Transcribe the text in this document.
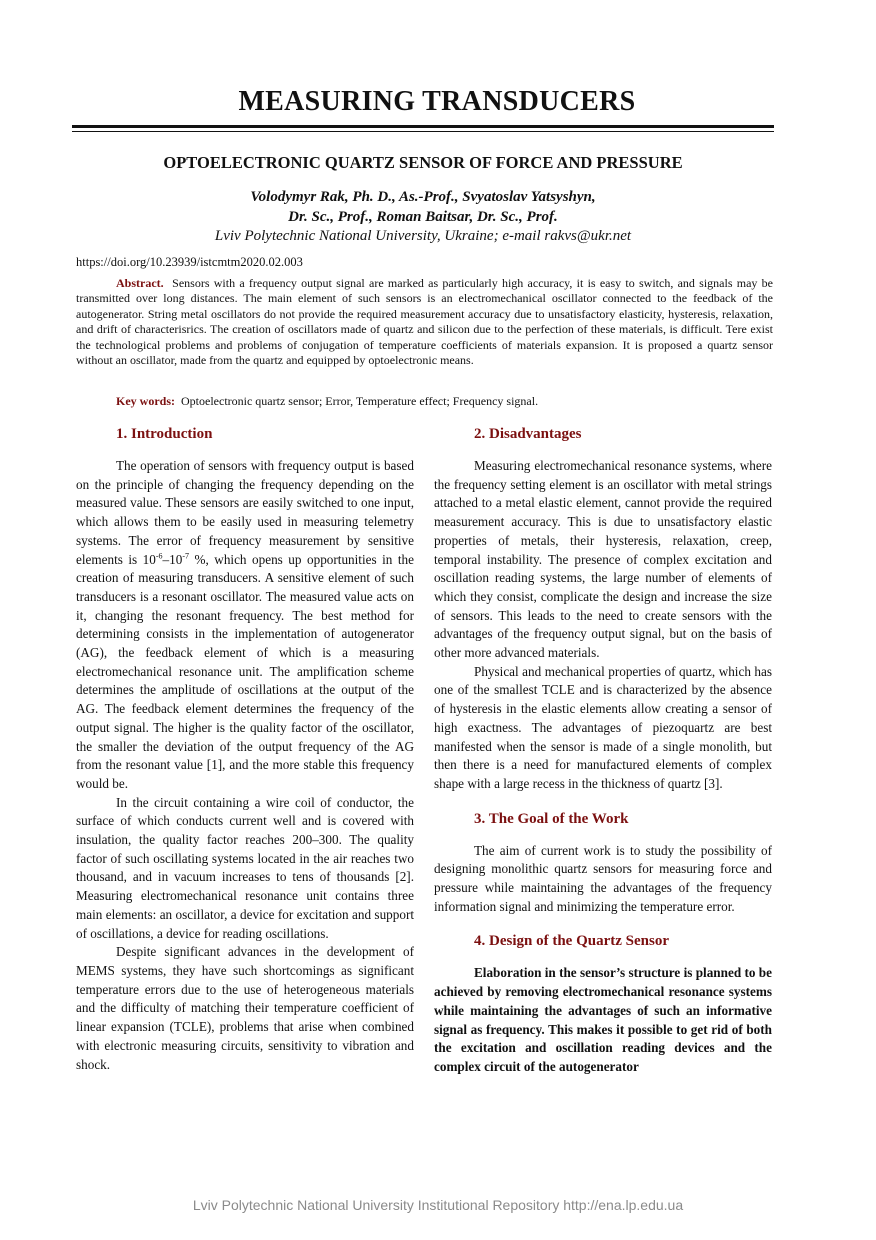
MEASURING TRANSDUCERS
OPTOELECTRONIC QUARTZ SENSOR OF FORCE AND PRESSURE
Volodymyr Rak, Ph. D., As.-Prof., Svyatoslav Yatsyshyn,
Dr. Sc., Prof., Roman Baitsar, Dr. Sc., Prof.
Lviv Polytechnic National University, Ukraine; e-mail rakvs@ukr.net
https://doi.org/10.23939/istcmtm2020.02.003

Abstract. Sensors with a frequency output signal are marked as particularly high accuracy, it is easy to switch, and signals may be transmitted over long distances. The main element of such sensors is an electromechanical oscillator connected to the feedback of the autogenerator. String metal oscillators do not provide the required measurement accuracy due to unsatisfactory elasticity, hysteresis, relaxation, and drift of characterisrics. The creation of oscillators made of quartz and silicon due to the perfection of these materials, is difficult. Tere exist the technological problems and problems of conjugation of temperature coefficients of materials expansion. It is proposed a quartz sensor without an oscillator, made from the quartz and equipped by optoelectronic means.

Key words: Optoelectronic quartz sensor; Error, Temperature effect; Frequency signal.

1. Introduction

The operation of sensors with frequency output is based on the principle of changing the frequency depending on the measured value. These sensors are easily switched to one input, which allows them to be easily used in measuring telemetry systems. The error of frequency measurement by sensitive elements is $10^{-6}-10^{-7}$ %, which opens up opportunities in the creation of measuring transducers. A sensitive element of such transducers is a resonant oscillator. The measured value acts on it, changing the resonant frequency. The best method for determining consists in the implementation of autogenerator (AG), the feedback element of which is a measuring electromechanical resonance unit. The amplification scheme determines the amplitude of oscillations at the output of the AG. The feedback element determines the frequency of the output signal. The higher is the quality factor of the oscillator, the smaller the deviation of the output frequency of the AG from the resonant value [1], and the more stable this frequency would be.

In the circuit containing a wire coil of conductor, the surface of which conducts current well and is covered with insulation, the quality factor reaches 200–300. The quality factor of such oscillating systems located in the air reaches two thousand, and in vacuum increases to tens of thousands [2]. Measuring electromechanical resonance unit contains three main elements: an oscillator, a device for excitation and support of oscillations, a device for reading oscillations.

Despite significant advances in the development of MEMS systems, they have such shortcomings as significant temperature errors due to the use of heterogeneous materials and the difficulty of matching their temperature coefficient of linear expansion (TCLE), problems that arise when combined with electronic measuring circuits, sensitivity to vibration and shock.

2. Disadvantages

Measuring electromechanical resonance systems, where the frequency setting element is an oscillator with metal strings attached to a metal elastic element, cannot provide the required measurement accuracy. This is due to unsatisfactory elastic properties of metals, their hysteresis, relaxation, creep, temporal instability. The presence of complex excitation and oscillation reading systems, the large number of elements of which they consist, complicate the design and increase the size of sensors. This leads to the need to create sensors with the advantages of the frequency output signal, but on the basis of other more advanced materials.

Physical and mechanical properties of quartz, which has one of the smallest TCLE and is characterized by the absence of hysteresis in the elastic elements allow creating a sensor of high exactness. The advantages of piezoquartz are best manifested when the sensor is made of a single monolith, but then there is a need for manufactured elements of complex shape with a large recess in the thickness of quartz [3].

3. The Goal of the Work

The aim of current work is to study the possibility of designing monolithic quartz sensors for measuring force and pressure while maintaining the advantages of the frequency information signal and minimizing the temperature error.

4. Design of the Quartz Sensor

Elaboration in the sensor’s structure is planned to be achieved by removing electromechanical resonance systems while maintaining the advantages of such an informative signal as frequency. This makes it possible to get rid of both the excitation and oscillation reading devices and the complex circuit of the autogenerator

Lviv Polytechnic National University Institutional Repository http://ena.lp.edu.ua
